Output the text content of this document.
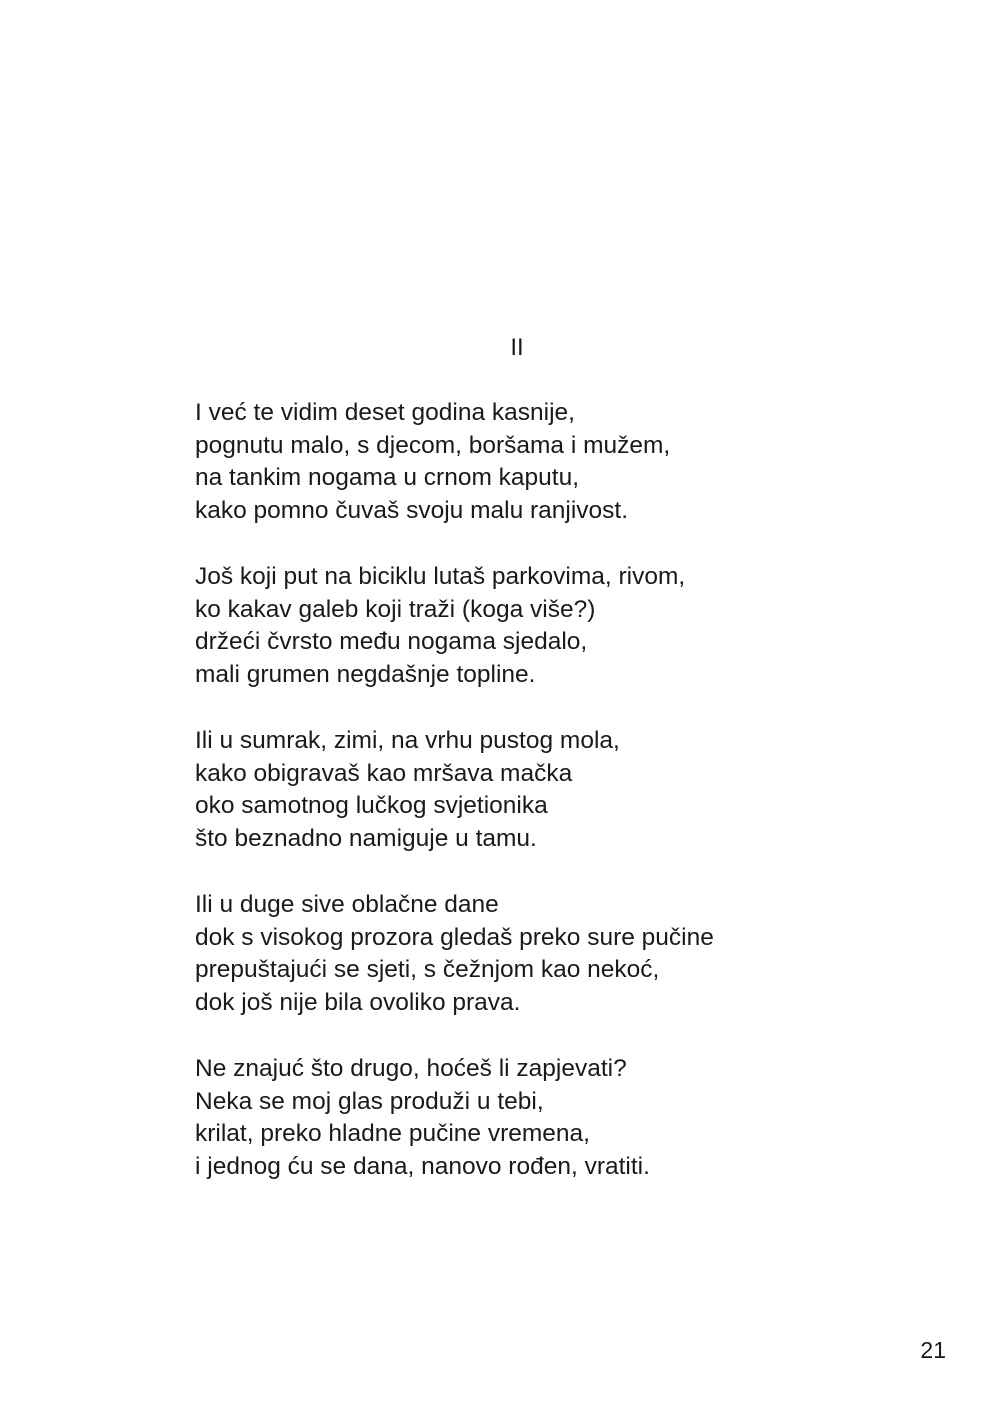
II
I već te vidim deset godina kasnije,
pognutu malo, s djecom, boršama i mužem,
na tankim nogama u crnom kaputu,
kako pomno čuvaš svoju malu ranjivost.
Još koji put na biciklu lutaš parkovima, rivom,
ko kakav galeb koji traži (koga više?)
držeći čvrsto među nogama sjedalo,
mali grumen negdašnje topline.
Ili u sumrak, zimi, na vrhu pustog mola,
kako obigravaš kao mršava mačka
oko samotnog lučkog svjetionika
što beznadno namiguje u tamu.
Ili u duge sive oblačne dane
dok s visokog prozora gledaš preko sure pučine
prepuštajući se sjeti, s čežnjom kao nekoć,
dok još nije bila ovoliko prava.
Ne znajuć što drugo, hoćeš li zapjevati?
Neka se moj glas produži u tebi,
krilat, preko hladne pučine vremena,
i jednog ću se dana, nanovo rođen, vratiti.
21
